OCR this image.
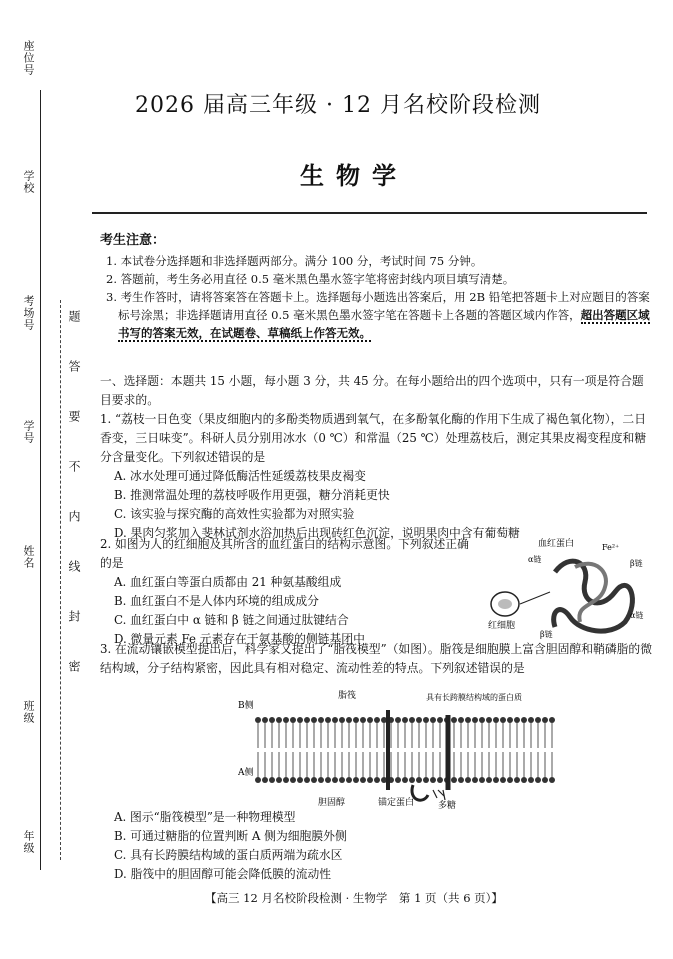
学校
考场号
学号
姓名
班级
年级
座位号
题
答
要
不
内
线
封
密
2026 届高三年级 · 12 月名校阶段检测
生物学
考生注意：

1. 本试卷分选择题和非选择题两部分。满分 100 分，考试时间 75 分钟。

2. 答题前，考生务必用直径 0.5 毫米黑色墨水签字笔将密封线内项目填写清楚。

3. 考生作答时，请将答案答在答题卡上。选择题每小题选出答案后，用 2B 铅笔把答题卡上对应题目的答案标号涂黑；非选择题请用直径 0.5 毫米黑色墨水签字笔在答题卡上各题的答题区域内作答，超出答题区域书写的答案无效，在试题卷、草稿纸上作答无效。

一、选择题：本题共 15 小题，每小题 3 分，共 45 分。在每小题给出的四个选项中，只有一项是符合题目要求的。

1. “荔枝一日色变（果皮细胞内的多酚类物质遇到氧气，在多酚氧化酶的作用下生成了褐色氧化物），二日香变，三日味变”。科研人员分别用冰水（0 ℃）和常温（25 ℃）处理荔枝后，测定其果皮褐变程度和糖分含量变化。下列叙述错误的是

A. 冰水处理可通过降低酶活性延缓荔枝果皮褐变

B. 推测常温处理的荔枝呼吸作用更强，糖分消耗更快

C. 该实验与探究酶的高效性实验都为对照实验

D. 果肉匀浆加入斐林试剂水浴加热后出现砖红色沉淀，说明果肉中含有葡萄糖

2. 如图为人的红细胞及其所含的血红蛋白的结构示意图。下列叙述正确的是

A. 血红蛋白等蛋白质都由 21 种氨基酸组成

B. 血红蛋白不是人体内环境的组成成分

C. 血红蛋白中 α 链和 β 链之间通过肽键结合

D. 微量元素 Fe 元素存在于氨基酸的侧链基团中

血红蛋白	Fe²⁺
β链
α链
α链
β链
红细胞

3. 在流动镶嵌模型提出后，科学家又提出了“脂筏模型”（如图）。脂筏是细胞膜上富含胆固醇和鞘磷脂的微结构域，分子结构紧密，因此具有相对稳定、流动性差的特点。下列叙述错误的是

脂筏	具有长跨膜结构域的蛋白质
B侧
A侧
胆固醇	锚定蛋白	多糖

A. 图示“脂筏模型”是一种物理模型

B. 可通过糖脂的位置判断 A 侧为细胞膜外侧

C. 具有长跨膜结构域的蛋白质两端为疏水区

D. 脂筏中的胆固醇可能会降低膜的流动性

【高三 12 月名校阶段检测 · 生物学　第 1 页（共 6 页）】
